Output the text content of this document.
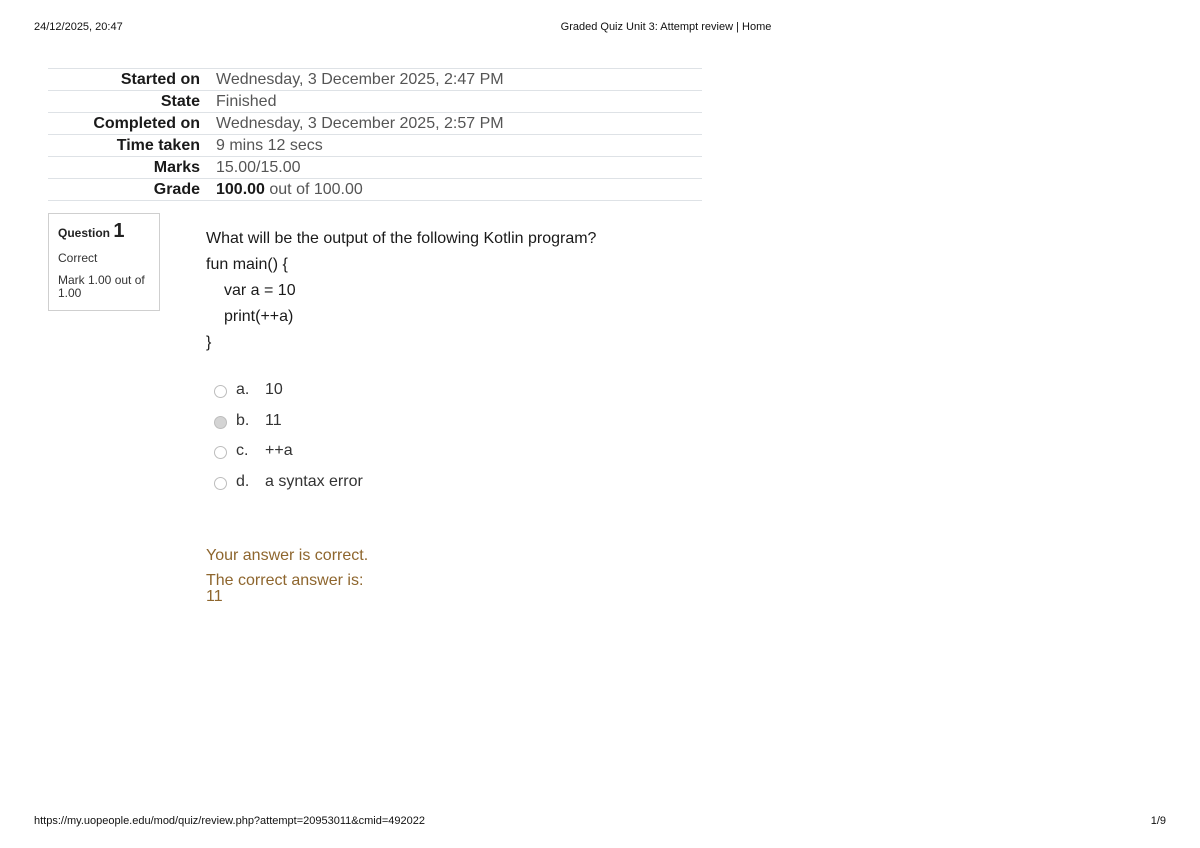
24/12/2025, 20:47	Graded Quiz Unit 3: Attempt review | Home
Started on	Wednesday, 3 December 2025, 2:47 PM
State	Finished
Completed on	Wednesday, 3 December 2025, 2:57 PM
Time taken	9 mins 12 secs
Marks	15.00/15.00
Grade	100.00 out of 100.00
Question 1
Correct
Mark 1.00 out of 1.00
What will be the output of the following Kotlin program?
fun main() {
var a = 10
print(++a)
}
a. 10
b. 11
c.	++a
d. a syntax error
Your answer is correct.
The correct answer is:
11
https://my.uopeople.edu/mod/quiz/review.php?attempt=20953011&cmid=492022	1/9
